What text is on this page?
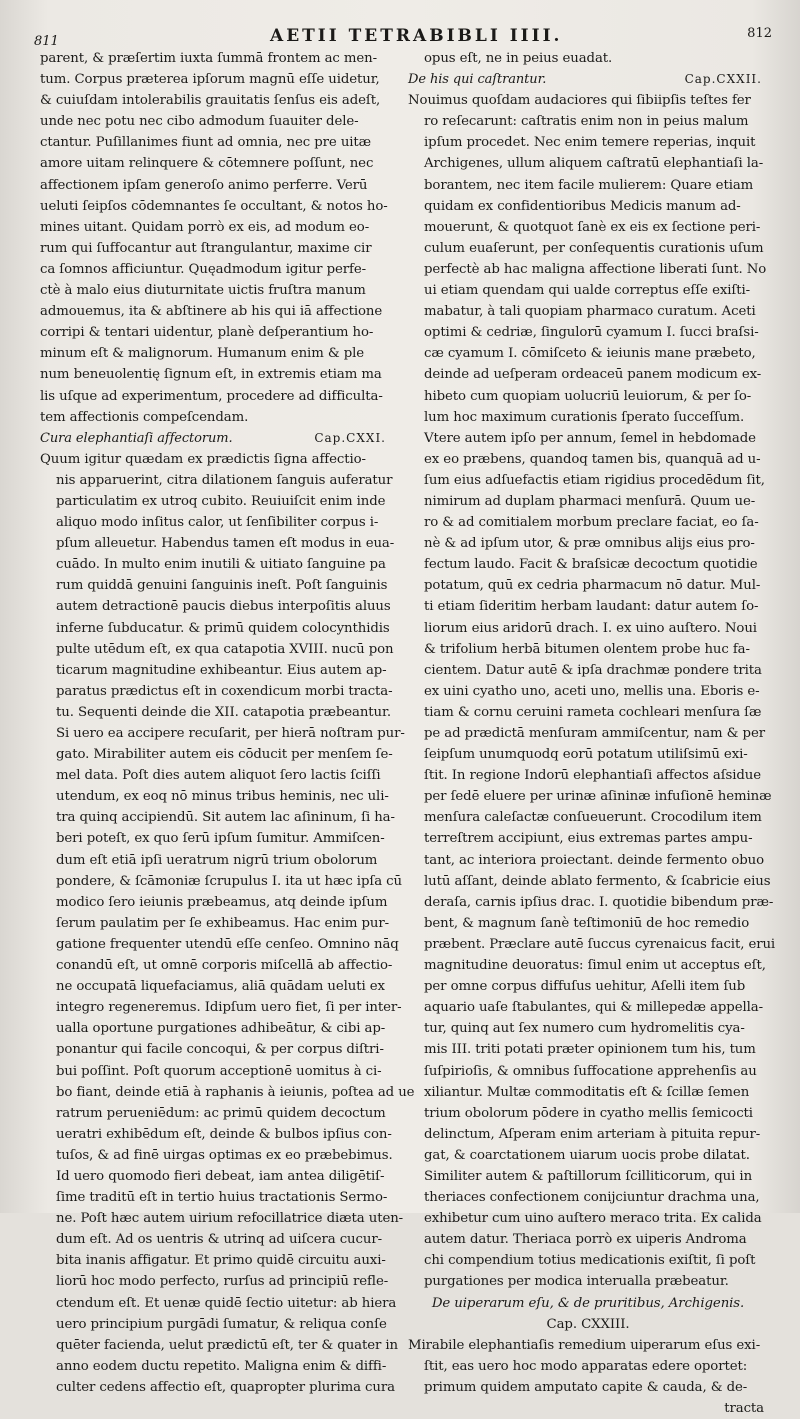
811	AETII TETRABIBLI IIII.	812
parent, & præſertim iuxta ſummā frontem ac men-
tum. Corpus præterea ipſorum magnū eſſe uidetur,
& cuiuſdam intolerabilis grauitatis ſenſus eis adeſt,
unde nec potu nec cibo admodum ſuauiter dele-
ctantur. Puſillanimes fiunt ad omnia, nec pre uitæ
amore uitam relinquere & cōtemnere poſſunt, nec
affectionem ipſam generoſo animo perferre. Verū
ueluti ſeipſos cōdemnantes ſe occultant, & notos ho-
mines uitant. Quidam porrò ex eis, ad modum eo-
rum qui ſuffocantur aut ſtrangulantur, maxime cir
ca ſomnos afficiuntur. Quęadmodum igitur perfe-
ctè à malo eius diuturnitate uictis fruſtra manum
admouemus, ita & abſtinere ab his qui iā affectione
corripi & tentari uidentur, planè deſperantium ho-
minum eſt & malignorum. Humanum enim & ple
num beneuolentię ſignum eſt, in extremis etiam ma
lis uſque ad experimentum, procedere ad difficulta-
tem affectionis compeſcendam.
Cap.CXXI.
Cura elephantiaſi affectorum.
Quum igitur quædam ex prædictis ſigna affectio-
nis apparuerint, citra dilationem ſanguis auferatur
particulatim ex utroq cubito. Reuiuiſcit enim inde
aliquo modo inſitus calor, ut ſenſibiliter corpus i-
pſum alleuetur. Habendus tamen eſt modus in eua-
cuādo. In multo enim inutili & uitiato ſanguine pa
rum quiddā genuini ſanguinis ineſt. Poſt ſanguinis
autem detractionē paucis diebus interpoſitis aluus
inferne ſubducatur. & primū quidem colocynthidis
pulte utēdum eſt, ex qua catapotia XVIII. nucū pon
ticarum magnitudine exhibeantur. Eius autem ap-
paratus prædictus eſt in coxendicum morbi tracta-
tu. Sequenti deinde die XII. catapotia præbeantur.
Si uero ea accipere recuſarit, per hierā noſtram pur-
gato. Mirabiliter autem eis cōducit per menſem ſe-
mel data. Poſt dies autem aliquot ſero lactis ſciſſi
utendum, ex eoq nō minus tribus heminis, nec uli-
tra quinq accipiendū. Sit autem lac aſininum, ſi ha-
beri poteſt, ex quo ſerū ipſum ſumitur. Ammiſcen-
dum eſt etiā ipſi ueratrum nigrū trium obolorum
pondere, & ſcāmoniæ ſcrupulus I. ita ut hæc ipſa cū
modico ſero ieiunis præbeamus, atq deinde ipſum
ſerum paulatim per ſe exhibeamus. Hac enim pur-
gatione frequenter utendū eſſe cenſeo. Omnino nāq
conandū eſt, ut omnē corporis miſcellā ab affectio-
ne occupatā liquefaciamus, aliā quādam ueluti ex
integro regeneremus. Idipſum uero fiet, ſi per inter-
ualla oportune purgationes adhibeātur, & cibi ap-
ponantur qui facile concoqui, & per corpus diſtri-
bui poſſint. Poſt quorum acceptionē uomitus à ci-
bo fiant, deinde etiā à raphanis à ieiunis, poſtea ad ue
ratrum perueniēdum: ac primū quidem decoctum
ueratri exhibēdum eſt, deinde & bulbos ipſius con-
tuſos, & ad finē uirgas optimas ex eo præbebimus.
Id uero quomodo fieri debeat, iam antea diligētiſ-
ſime traditū eſt in tertio huius tractationis Sermo-
ne. Poſt hæc autem uirium refocillatrice diæta uten-
dum eſt. Ad os uentris & utrinq ad uiſcera cucur-
bita inanis affigatur. Et primo quidē circuitu auxi-
liorū hoc modo perfecto, rurſus ad principiū refle-
ctendum eſt. Et uenæ quidē ſectio uitetur: ab hiera
uero principium purgādi ſumatur, & reliqua conſe
quēter facienda, uelut prædictū eſt, ter & quater in
anno eodem ductu repetito. Maligna enim & diffi-
culter cedens affectio eſt, quapropter plurima cura
opus eſt, ne in peius euadat.
Cap.CXXII.
De his qui caſtrantur.
Nouimus quoſdam audaciores qui ſibiipſis teſtes fer
ro reſecarunt: caſtratis enim non in peius malum
ipſum procedet. Nec enim temere reperias, inquit
Archigenes, ullum aliquem caſtratū elephantiaſi la-
borantem, nec item facile mulierem: Quare etiam
quidam ex confidentioribus Medicis manum ad-
mouerunt, & quotquot ſanè ex eis ex ſectione peri-
culum euaſerunt, per conſequentis curationis uſum
perfectè ab hac maligna affectione liberati ſunt. No
ui etiam quendam qui ualde correptus eſſe exiſti-
mabatur, à tali quopiam pharmaco curatum. Aceti
optimi & cedriæ, ſingulorū cyamum I. ſucci braſsi-
cæ cyamum I. cōmiſceto & ieiunis mane præbeto,
deinde ad ueſperam ordeaceū panem modicum ex-
hibeto cum quopiam uolucriū leuiorum, & per ſo-
lum hoc maximum curationis ſperato ſucceſſum.
Vtere autem ipſo per annum, ſemel in hebdomade
ex eo præbens, quandoq tamen bis, quanquā ad u-
ſum eius adſuefactis etiam rigidius procedēdum ſit,
nimirum ad duplam pharmaci menſurā. Quum ue-
ro & ad comitialem morbum preclare faciat, eo ſa-
nè & ad ipſum utor, & præ omnibus alijs eius pro-
fectum laudo. Facit & braſsicæ decoctum quotidie
potatum, quū ex cedria pharmacum nō datur. Mul-
ti etiam ſideritim herbam laudant: datur autem ſo-
liorum eius aridorū drach. I. ex uino auſtero. Noui
& trifolium herbā bitumen olentem probe huc fa-
cientem. Datur autē & ipſa drachmæ pondere trita
ex uini cyatho uno, aceti uno, mellis una. Eboris e-
tiam & cornu ceruini rameta cochleari menſura ſæ
pe ad prædictā menſuram ammiſcentur, nam & per
ſeipſum unumquodq eorū potatum utiliſsimū exi-
ſtit. In regione Indorū elephantiaſi affectos aſsidue
per ſedē eluere per urinæ aſininæ infuſionē heminæ
menſura caleſactæ conſueuerunt. Crocodilum item
terreſtrem accipiunt, eius extremas partes ampu-
tant, ac interiora proiectant. deinde fermento obuo
lutū aſſant, deinde ablato fermento, & ſcabricie eius
deraſa, carnis ipſius drac. I. quotidie bibendum præ-
bent, & magnum ſanè teſtimoniū de hoc remedio
præbent. Præclare autē ſuccus cyrenaicus facit, erui
magnitudine deuoratus: ſimul enim ut acceptus eſt,
per omne corpus diffuſus uehitur, Aſelli item ſub
aquario uaſe ſtabulantes, qui & millepedæ appella-
tur, quinq aut ſex numero cum hydromelitis cya-
mis III. triti potati præter opinionem tum his, tum
ſuſpirioſis, & omnibus ſuffocatione apprehenſis au
xiliantur. Multæ commoditatis eſt & ſcillæ ſemen
trium obolorum pōdere in cyatho mellis ſemicocti
delinctum, Aſperam enim arteriam à pituita repur-
gat, & coarctationem uiarum uocis probe dilatat.
Similiter autem & paſtillorum ſcilliticorum, qui in
theriaces confectionem conijciuntur drachma una,
exhibetur cum uino auſtero meraco trita. Ex calida
autem datur. Theriaca porrò ex uiperis Androma
chi compendium totius medicationis exiſtit, ſi poſt
purgationes per modica interualla præbeatur.
De uiperarum eſu, & de pruritibus, Archigenis.
Cap. CXXIII.
Mirabile elephantiaſis remedium uiperarum eſus exi-
ſtit, eas uero hoc modo apparatas edere oportet:
primum quidem amputato capite & cauda, & de-
tracta
